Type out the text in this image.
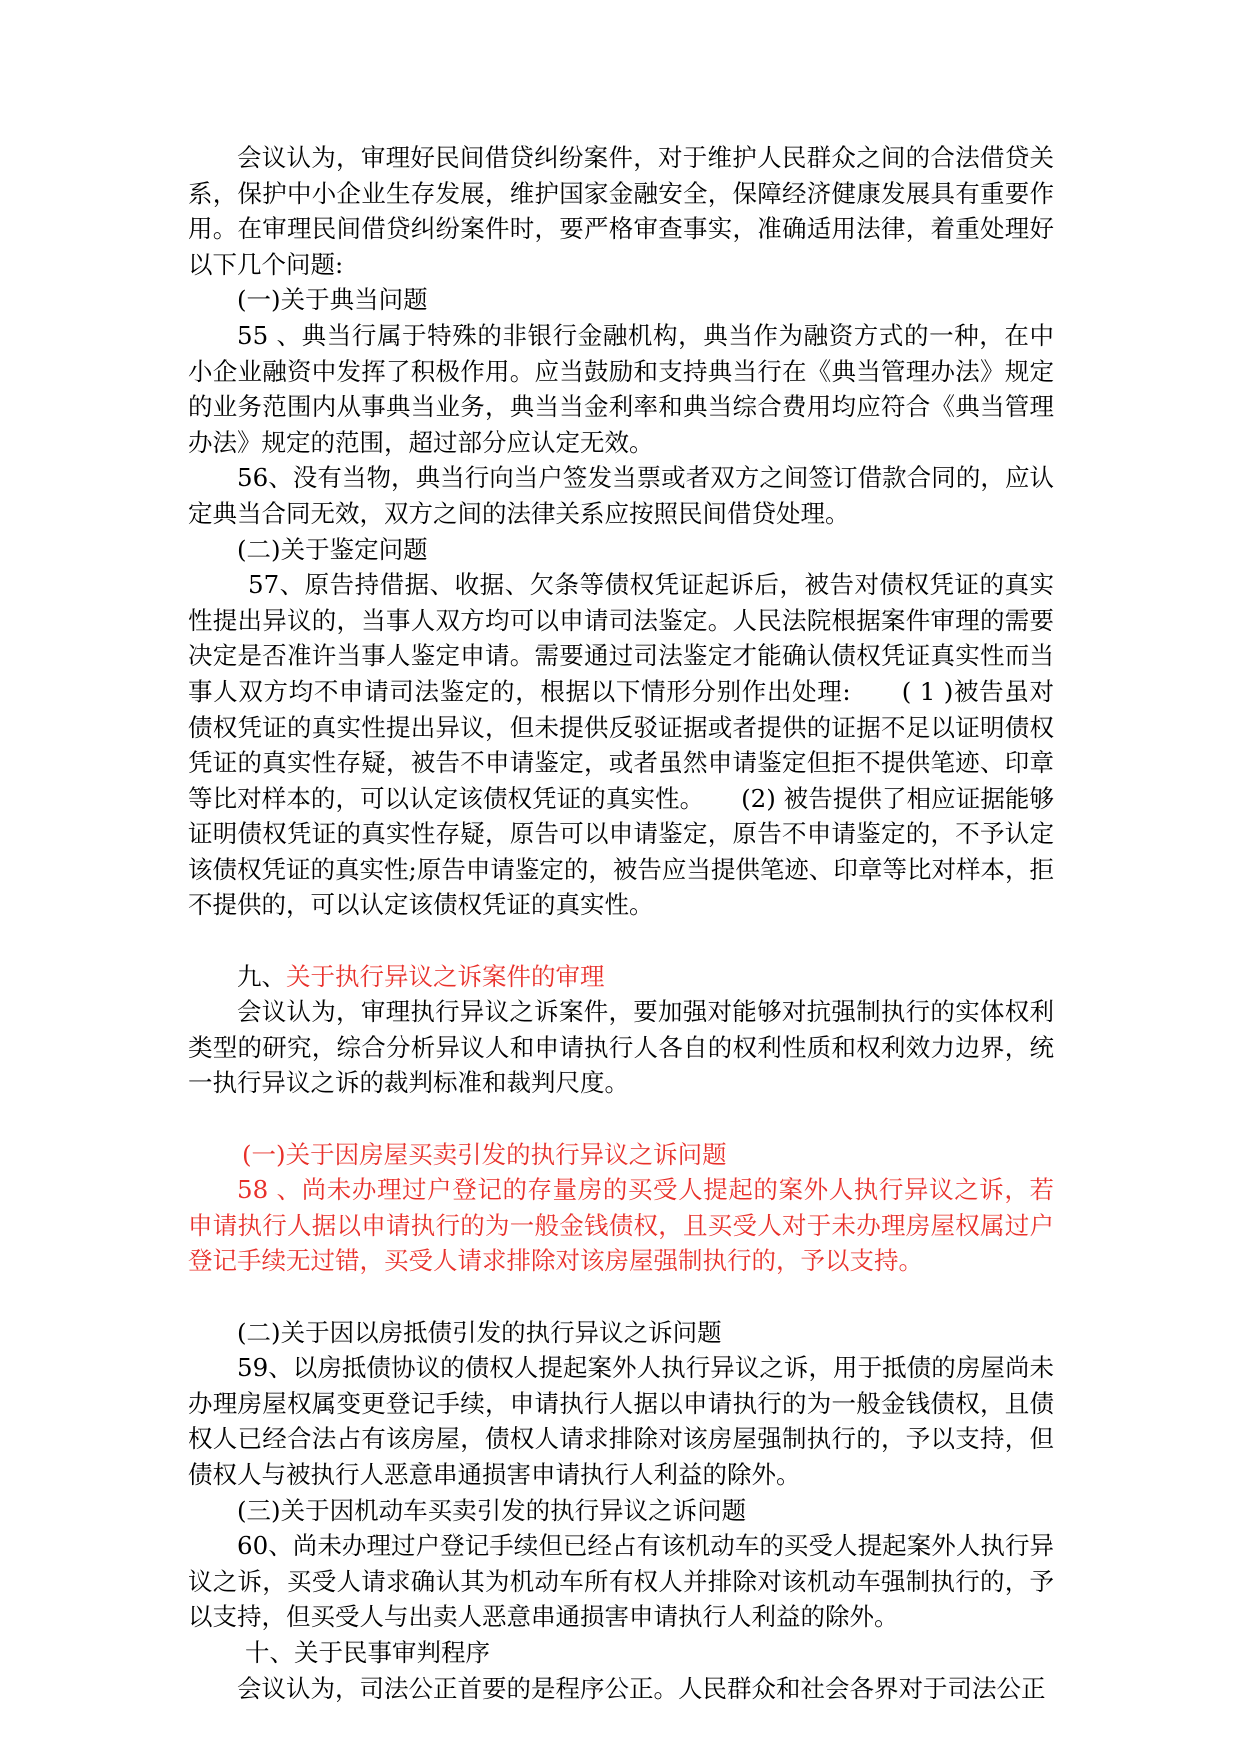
会议认为，审理好民间借贷纠纷案件，对于维护人民群众之间的合法借贷关系，保护中小企业生存发展，维护国家金融安全，保障经济健康发展具有重要作用。在审理民间借贷纠纷案件时，要严格审查事实，准确适用法律，着重处理好以下几个问题:

(一)关于典当问题

55 、典当行属于特殊的非银行金融机构，典当作为融资方式的一种，在中小企业融资中发挥了积极作用。应当鼓励和支持典当行在《典当管理办法》规定的业务范围内从事典当业务，典当当金利率和典当综合费用均应符合《典当管理办法》规定的范围，超过部分应认定无效。

56、没有当物，典当行向当户签发当票或者双方之间签订借款合同的，应认定典当合同无效，双方之间的法律关系应按照民间借贷处理。

(二)关于鉴定问题

57、原告持借据、收据、欠条等债权凭证起诉后，被告对债权凭证的真实性提出异议的，当事人双方均可以申请司法鉴定。人民法院根据案件审理的需要决定是否准许当事人鉴定申请。需要通过司法鉴定才能确认债权凭证真实性而当事人双方均不申请司法鉴定的，根据以下情形分别作出处理:　　( 1 )被告虽对债权凭证的真实性提出异议，但未提供反驳证据或者提供的证据不足以证明债权凭证的真实性存疑，被告不申请鉴定，或者虽然申请鉴定但拒不提供笔迹、印章等比对样本的，可以认定该债权凭证的真实性。　　(2) 被告提供了相应证据能够证明债权凭证的真实性存疑，原告可以申请鉴定，原告不申请鉴定的，不予认定该债权凭证的真实性;原告申请鉴定的，被告应当提供笔迹、印章等比对样本，拒不提供的，可以认定该债权凭证的真实性。

九、关于执行异议之诉案件的审理

会议认为，审理执行异议之诉案件，要加强对能够对抗强制执行的实体权利类型的研究，综合分析异议人和申请执行人各自的权利性质和权利效力边界，统一执行异议之诉的裁判标准和裁判尺度。

(一)关于因房屋买卖引发的执行异议之诉问题

58 、尚未办理过户登记的存量房的买受人提起的案外人执行异议之诉，若申请执行人据以申请执行的为一般金钱债权，且买受人对于未办理房屋权属过户登记手续无过错，买受人请求排除对该房屋强制执行的，予以支持。

(二)关于因以房抵债引发的执行异议之诉问题

59、以房抵债协议的债权人提起案外人执行异议之诉，用于抵债的房屋尚未办理房屋权属变更登记手续，申请执行人据以申请执行的为一般金钱债权，且债权人已经合法占有该房屋，债权人请求排除对该房屋强制执行的，予以支持，但债权人与被执行人恶意串通损害申请执行人利益的除外。

(三)关于因机动车买卖引发的执行异议之诉问题

60、尚未办理过户登记手续但已经占有该机动车的买受人提起案外人执行异议之诉，买受人请求确认其为机动车所有权人并排除对该机动车强制执行的，予以支持，但买受人与出卖人恶意串通损害申请执行人利益的除外。

十、关于民事审判程序

会议认为，司法公正首要的是程序公正。人民群众和社会各界对于司法公正
